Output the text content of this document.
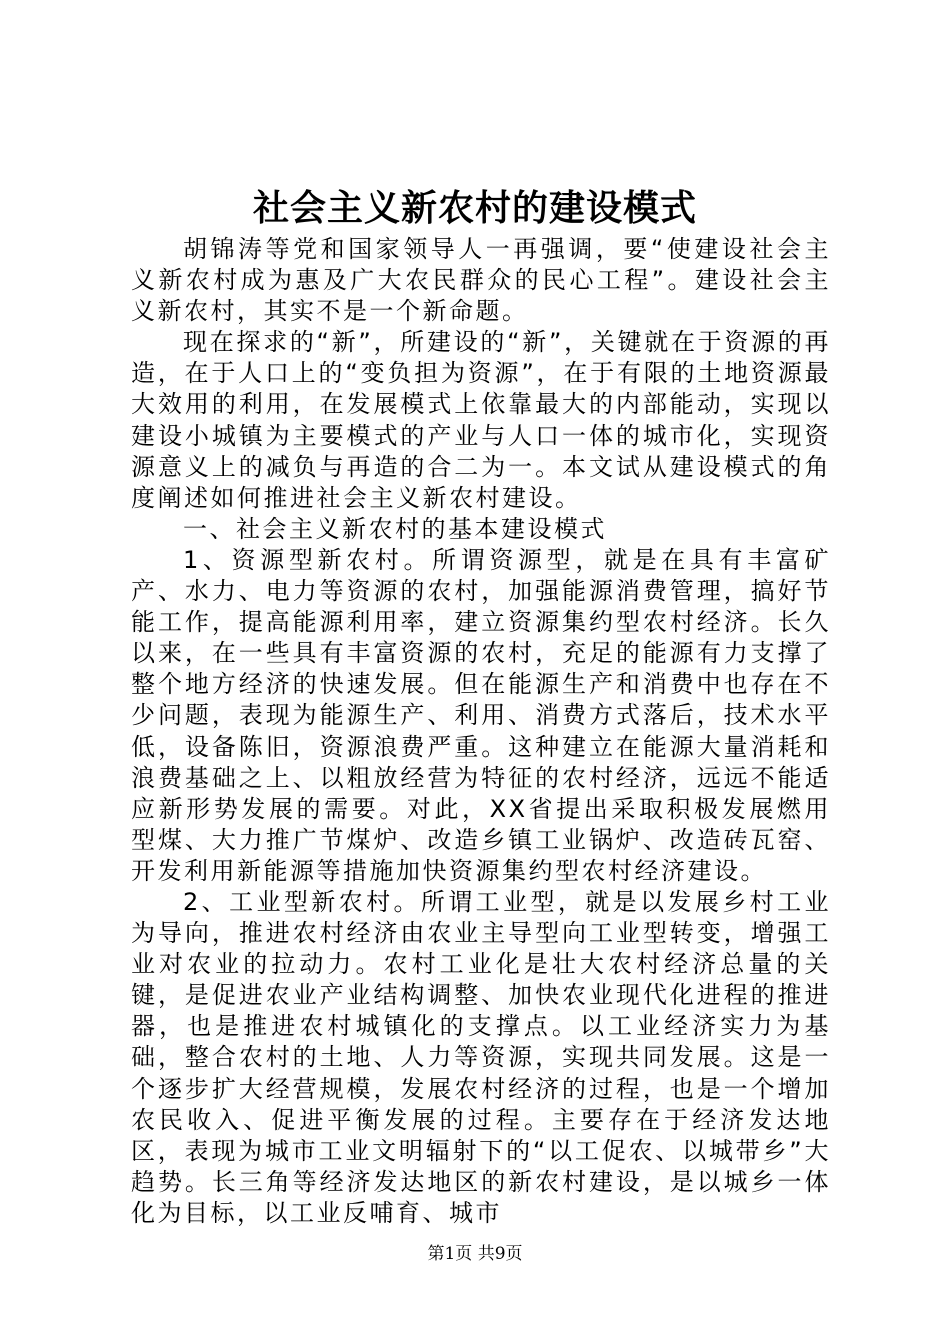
社会主义新农村的建设模式

胡锦涛等党和国家领导人一再强调，要“使建设社会主义新农村成为惠及广大农民群众的民心工程”。建设社会主义新农村，其实不是一个新命题。

现在探求的“新”，所建设的“新”，关键就在于资源的再造，在于人口上的“变负担为资源”，在于有限的土地资源最大效用的利用，在发展模式上依靠最大的内部能动，实现以建设小城镇为主要模式的产业与人口一体的城市化，实现资源意义上的减负与再造的合二为一。本文试从建设模式的角度阐述如何推进社会主义新农村建设。

一、社会主义新农村的基本建设模式

1、资源型新农村。所谓资源型，就是在具有丰富矿产、水力、电力等资源的农村，加强能源消费管理，搞好节能工作，提高能源利用率，建立资源集约型农村经济。长久以来，在一些具有丰富资源的农村，充足的能源有力支撑了整个地方经济的快速发展。但在能源生产和消费中也存在不少问题，表现为能源生产、利用、消费方式落后，技术水平低，设备陈旧，资源浪费严重。这种建立在能源大量消耗和浪费基础之上、以粗放经营为特征的农村经济，远远不能适应新形势发展的需要。对此，XX省提出采取积极发展燃用型煤、大力推广节煤炉、改造乡镇工业锅炉、改造砖瓦窑、开发利用新能源等措施加快资源集约型农村经济建设。

2、工业型新农村。所谓工业型，就是以发展乡村工业为导向，推进农村经济由农业主导型向工业型转变，增强工业对农业的拉动力。农村工业化是壮大农村经济总量的关键，是促进农业产业结构调整、加快农业现代化进程的推进器，也是推进农村城镇化的支撑点。以工业经济实力为基础，整合农村的土地、人力等资源，实现共同发展。这是一个逐步扩大经营规模，发展农村经济的过程，也是一个增加农民收入、促进平衡发展的过程。主要存在于经济发达地区，表现为城市工业文明辐射下的“以工促农、以城带乡”大趋势。长三角等经济发达地区的新农村建设，是以城乡一体化为目标，以工业反哺育、城市

第1页 共9页
